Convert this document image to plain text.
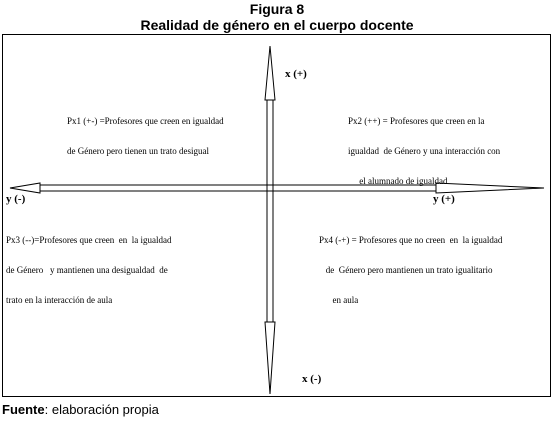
Figura 8
Realidad de género en el cuerpo docente
x (+)
x (-)
y (-)	y (+)

Px1 (+-) =Profesores que creen en igualdad

de Género pero tienen un trato desigual

Px2 (++) = Profesores que creen en la

igualdad  de Género y una interacción con

el alumnado de igualdad

Px3 (--)=Profesores que creen  en  la igualdad

de Género   y mantienen una desigualdad  de

trato en la interacción de aula

Px4 (-+) = Profesores que no creen  en  la igualdad

de  Género pero mantienen un trato igualitario

en aula

Fuente: elaboración propia
